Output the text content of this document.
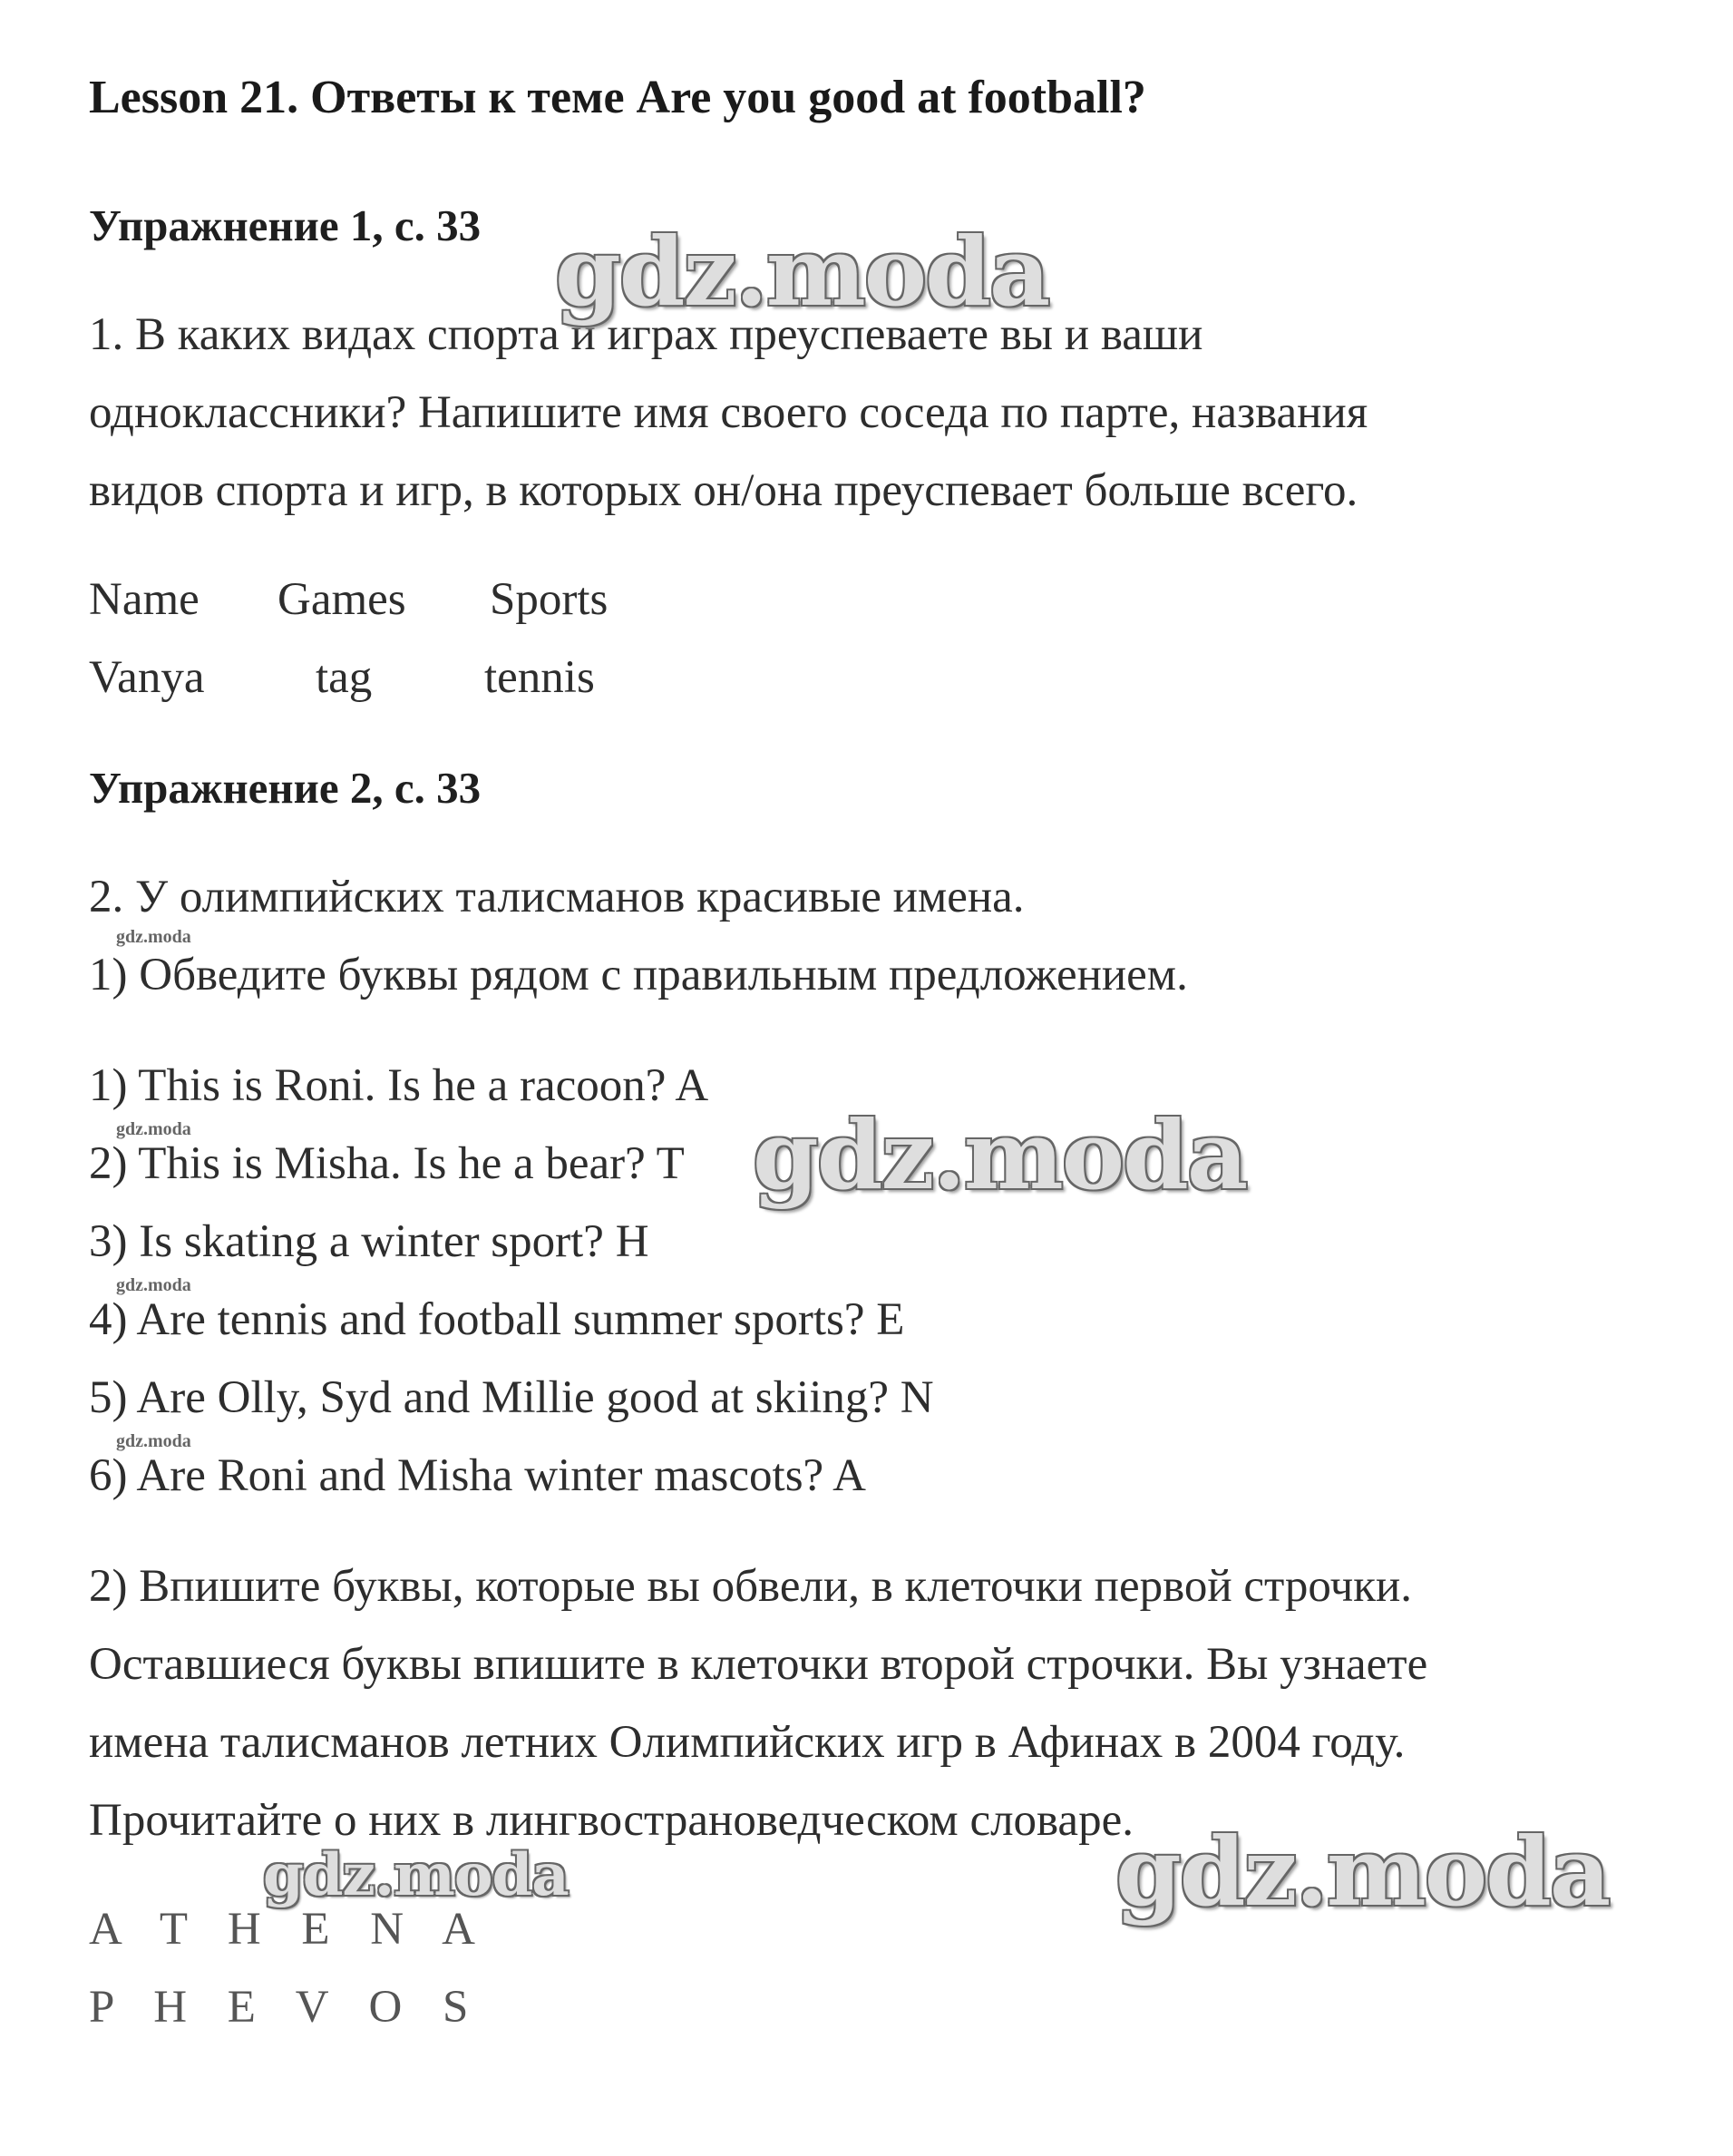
Lesson 21. Ответы к теме Are you good at football?
Упражнение 1, с. 33
1. В каких видах спорта и играх преуспеваете вы и ваши
одноклассники? Напишите имя своего соседа по парте, названия
видов спорта и игр, в которых он/она преуспевает больше всего.
Name Games Sports
Vanya tag tennis
Упражнение 2, с. 33
2. У олимпийских талисманов красивые имена.
1) Обведите буквы рядом с правильным предложением.
1) This is Roni. Is he a racoon? A
2) This is Misha. Is he a bear? T
3) Is skating a winter sport? H
4) Are tennis and football summer sports? E
5) Are Olly, Syd and Millie good at skiing? N
6) Are Roni and Misha winter mascots? A
2) Впишите буквы, которые вы обвели, в клеточки первой строчки.
Оставшиеся буквы впишите в клеточки второй строчки. Вы узнаете
имена талисманов летних Олимпийских игр в Афинах в 2004 году.
Прочитайте о них в лингвострановедческом словаре.
A T H E N A
P H E V O S
gdz.moda
gdz.moda
gdz.moda
gdz.moda
gdz.moda
gdz.moda
gdz.moda
gdz.moda
